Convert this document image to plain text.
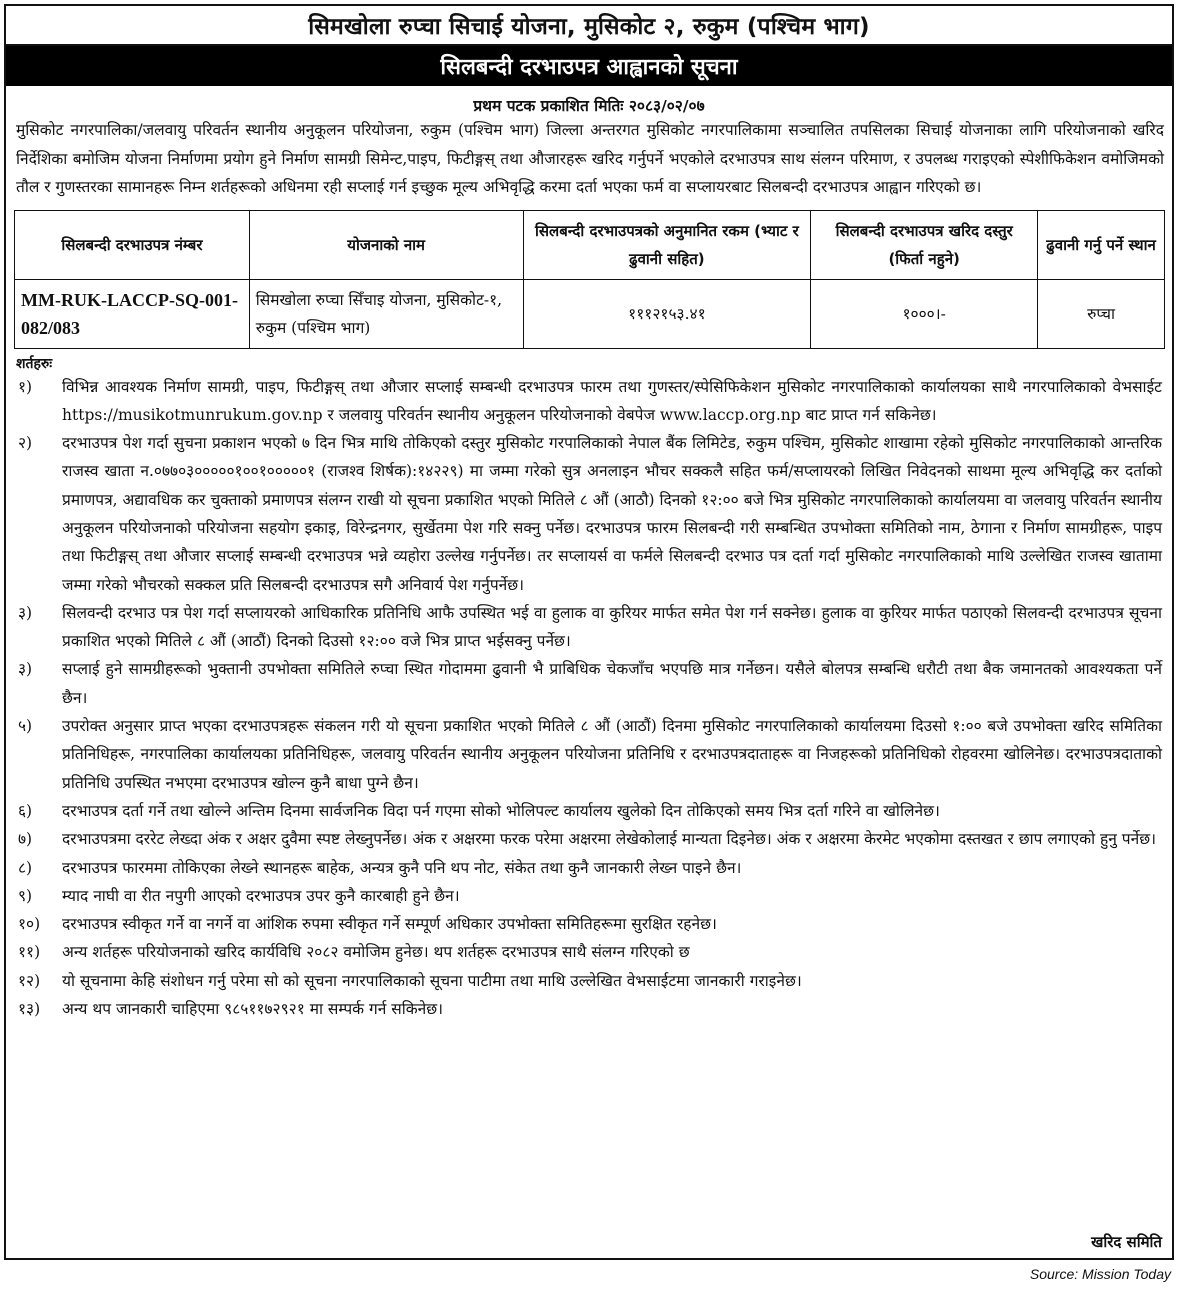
सिमखोला रुप्चा सिचाई योजना, मुसिकोट २, रुकुम (पश्चिम भाग)
सिलबन्दी दरभाउपत्र आह्वानको सूचना
प्रथम पटक प्रकाशित मितिः २०८३/०२/०७
मुसिकोट नगरपालिका/जलवायु परिवर्तन स्थानीय अनुकूलन परियोजना, रुकुम (पश्चिम भाग) जिल्ला अन्तरगत मुसिकोट नगरपालिकामा सञ्चालित तपसिलका सिचाई योजनाका लागि परियोजनाको खरिद निर्देशिका बमोजिम योजना निर्माणमा प्रयोग हुने निर्माण सामग्री सिमेन्ट,पाइप, फिटीङ्गस् तथा औजारहरू खरिद गर्नुपर्ने भएकोले दरभाउपत्र साथ संलग्न परिमाण, र उपलब्ध गराइएको स्पेशीफिकेशन वमोजिमको तौल र गुणस्तरका सामानहरू निम्न शर्तहरूको अधिनमा रही सप्लाई गर्न इच्छुक मूल्य अभिवृद्धि करमा दर्ता भएका फर्म वा सप्लायरबाट सिलबन्दी दरभाउपत्र आह्वान गरिएको छ।
सिलबन्दी दरभाउपत्र नंम्बर	योजनाको नाम	सिलबन्दी दरभाउपत्रको अनुमानित रकम (भ्याट र ढुवानी सहित)	सिलबन्दी दरभाउपत्र खरिद दस्तुर (फिर्ता नहुने)	ढुवानी गर्नु पर्ने स्थान
MM-RUK-LACCP-SQ-001-082/083	सिमखोला रुप्चा सिँचाइ योजना, मुसिकोट-१, रुकुम (पश्चिम भाग)	१११२१५३.४१	१०००।-	रुप्चा
शर्तहरुः
१)	विभिन्न आवश्यक निर्माण सामग्री, पाइप, फिटीङ्गस् तथा औजार सप्लाई सम्बन्धी दरभाउपत्र फारम तथा गुणस्तर/स्पेसिफिकेशन मुसिकोट नगरपालिकाको कार्यालयका साथै नगरपालिकाको वेभसाईट https://musikotmunrukum.gov.np र जलवायु परिवर्तन स्थानीय अनुकूलन परियोजनाको वेबपेज www.laccp.org.np बाट प्राप्त गर्न सकिनेछ।
२)	दरभाउपत्र पेश गर्दा सुचना प्रकाशन भएको ७ दिन भित्र माथि तोकिएको दस्तुर मुसिकोट गरपालिकाको नेपाल बैंक लिमिटेड, रुकुम पश्चिम, मुसिकोट शाखामा रहेको मुसिकोट नगरपालिकाको आन्तरिक राजस्व खाता न.०७७०३०००००१००१०००००१ (राजश्व शिर्षक):१४२२९) मा जम्मा गरेको सुत्र अनलाइन भौचर सक्कलै सहित फर्म/सप्लायरको लिखित निवेदनको साथमा मूल्य अभिवृद्धि कर दर्ताको प्रमाणपत्र, अद्यावधिक कर चुक्ताको प्रमाणपत्र संलग्न राखी यो सूचना प्रकाशित भएको मितिले ८ औं (आठौ) दिनको १२:०० बजे भित्र मुसिकोट नगरपालिकाको कार्यालयमा वा जलवायु परिवर्तन स्थानीय अनुकूलन परियोजनाको परियोजना सहयोग इकाइ, विरेन्द्रनगर, सुर्खेतमा पेश गरि सक्नु पर्नेछ। दरभाउपत्र फारम सिलबन्दी गरी सम्बन्धित उपभोक्ता समितिको नाम, ठेगाना र निर्माण सामग्रीहरू, पाइप तथा फिटीङ्गस् तथा औजार सप्लाई सम्बन्धी दरभाउपत्र भन्ने व्यहोरा उल्लेख गर्नुपर्नेछ। तर सप्लायर्स वा फर्मले सिलबन्दी दरभाउ पत्र दर्ता गर्दा मुसिकोट नगरपालिकाको माथि उल्लेखित राजस्व खातामा जम्मा गरेको भौचरको सक्कल प्रति सिलबन्दी दरभाउपत्र सगै अनिवार्य पेश गर्नुपर्नेछ।
३)	सिलवन्दी दरभाउ पत्र पेश गर्दा सप्लायरको आधिकारिक प्रतिनिधि आफै उपस्थित भई वा हुलाक वा कुरियर मार्फत समेत पेश गर्न सक्नेछ। हुलाक वा कुरियर मार्फत पठाएको सिलवन्दी दरभाउपत्र सूचना प्रकाशित भएको मितिले ८ औं (आठौं) दिनको दिउसो १२:०० वजे भित्र प्राप्त भईसक्नु पर्नेछ।
३)	सप्लाई हुने सामग्रीहरूको भुक्तानी उपभोक्ता समितिले रुप्चा स्थित गोदाममा ढुवानी भै प्राबिधिक चेकजाँच भएपछि मात्र गर्नेछन। यसैले बोलपत्र सम्बन्धि धरौटी तथा बैक जमानतको आवश्यकता पर्ने छैन।
५)	उपरोक्त अनुसार प्राप्त भएका दरभाउपत्रहरू संकलन गरी यो सूचना प्रकाशित भएको मितिले ८ औं (आठौं) दिनमा मुसिकोट नगरपालिकाको कार्यालयमा दिउसो १:०० बजे उपभोक्ता खरिद समितिका प्रतिनिधिहरू, नगरपालिका कार्यालयका प्रतिनिधिहरू, जलवायु परिवर्तन स्थानीय अनुकूलन परियोजना प्रतिनिधि र दरभाउपत्रदाताहरू वा निजहरूको प्रतिनिधिको रोहवरमा खोलिनेछ। दरभाउपत्रदाताको प्रतिनिधि उपस्थित नभएमा दरभाउपत्र खोल्न कुनै बाधा पुग्ने छैन।
६)	दरभाउपत्र दर्ता गर्ने तथा खोल्ने अन्तिम दिनमा सार्वजनिक विदा पर्न गएमा सोको भोलिपल्ट कार्यालय खुलेको दिन तोकिएको समय भित्र दर्ता गरिने वा खोलिनेछ।
७)	दरभाउपत्रमा दररेट लेख्दा अंक र अक्षर दुवैमा स्पष्ट लेख्नुपर्नेछ। अंक र अक्षरमा फरक परेमा अक्षरमा लेखेकोलाई मान्यता दिइनेछ। अंक र अक्षरमा केरमेट भएकोमा दस्तखत र छाप लगाएको हुनु पर्नेछ।
८)	दरभाउपत्र फारममा तोकिएका लेख्ने स्थानहरू बाहेक, अन्यत्र कुनै पनि थप नोट, संकेत तथा कुनै जानकारी लेख्न पाइने छैन।
९)	म्याद नाघी वा रीत नपुगी आएको दरभाउपत्र उपर कुनै कारबाही हुने छैन।
१०)	दरभाउपत्र स्वीकृत गर्ने वा नगर्ने वा आंशिक रुपमा स्वीकृत गर्ने सम्पूर्ण अधिकार उपभोक्ता समितिहरूमा सुरक्षित रहनेछ।
११)	अन्य शर्तहरू परियोजनाको खरिद कार्यविधि २०८२ वमोजिम हुनेछ। थप शर्तहरू दरभाउपत्र साथै संलग्न गरिएको छ
१२)	यो सूचनामा केहि संशोधन गर्नु परेमा सो को सूचना नगरपालिकाको सूचना पाटीमा तथा माथि उल्लेखित वेभसाईटमा जानकारी गराइनेछ।
१३)	अन्य थप जानकारी चाहिएमा ९८५११७२९२१ मा सम्पर्क गर्न सकिनेछ।
खरिद समिति
Source: Mission Today
